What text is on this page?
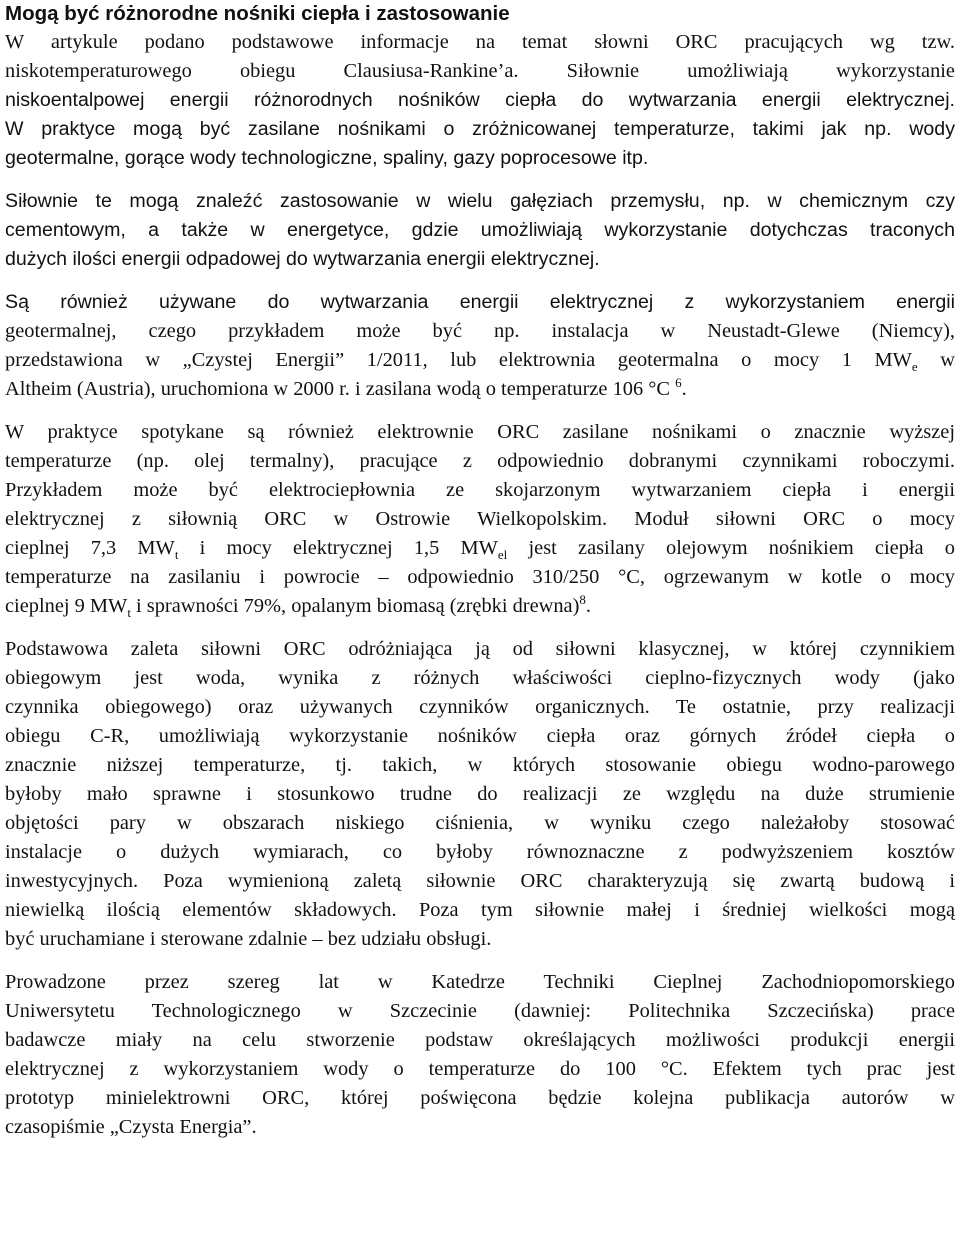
Mogą być różnorodne nośniki ciepła i zastosowanie

W artykule podano podstawowe informacje na temat słowni ORC pracujących wg tzw.
niskotemperaturowego obiegu Clausiusa-Rankine’a. Siłownie umożliwiają wykorzystanie
niskoentalpowej energii różnorodnych nośników ciepła do wytwarzania energii elektrycznej.
W praktyce mogą być zasilane nośnikami o zróżnicowanej temperaturze, takimi jak np. wody
geotermalne, gorące wody technologiczne, spaliny, gazy poprocesowe itp.

Siłownie te mogą znaleźć zastosowanie w wielu gałęziach przemysłu, np. w chemicznym czy
cementowym, a także w energetyce, gdzie umożliwiają wykorzystanie dotychczas traconych
dużych ilości energii odpadowej do wytwarzania energii elektrycznej.

Są również używane do wytwarzania energii elektrycznej z wykorzystaniem energii
geotermalnej, czego przykładem może być np. instalacja w Neustadt-Glewe (Niemcy),
przedstawiona w „Czystej Energii” 1/2011, lub elektrownia geotermalna o mocy 1 $MW_e$ w
Altheim (Austria), uruchomiona w 2000 r. i zasilana wodą o temperaturze 106 °C $^6$.

W praktyce spotykane są również elektrownie ORC zasilane nośnikami o znacznie wyższej
temperaturze (np. olej termalny), pracujące z odpowiednio dobranymi czynnikami roboczymi.
Przykładem może być elektrociepłownia ze skojarzonym wytwarzaniem ciepła i energii
elektrycznej z siłownią ORC w Ostrowie Wielkopolskim. Moduł siłowni ORC o mocy
cieplnej 7,3 $MW_t$ i mocy elektrycznej 1,5 $MW_{el}$ jest zasilany olejowym nośnikiem ciepła o
temperaturze na zasilaniu i powrocie – odpowiednio 310/250 °C, ogrzewanym w kotle o mocy
cieplnej 9 $MW_t$ i sprawności 79%, opalanym biomasą (zrębki drewna)$^8$.

Podstawowa zaleta siłowni ORC odróżniająca ją od siłowni klasycznej, w której czynnikiem
obiegowym jest woda, wynika z różnych właściwości cieplno-fizycznych wody (jako
czynnika obiegowego) oraz używanych czynników organicznych. Te ostatnie, przy realizacji
obiegu C-R, umożliwiają wykorzystanie nośników ciepła oraz górnych źródeł ciepła o
znacznie niższej temperaturze, tj. takich, w których stosowanie obiegu wodno-parowego
byłoby mało sprawne i stosunkowo trudne do realizacji ze względu na duże strumienie
objętości pary w obszarach niskiego ciśnienia, w wyniku czego należałoby stosować
instalacje o dużych wymiarach, co byłoby równoznaczne z podwyższeniem kosztów
inwestycyjnych. Poza wymienioną zaletą siłownie ORC charakteryzują się zwartą budową i
niewielką ilością elementów składowych. Poza tym siłownie małej i średniej wielkości mogą
być uruchamiane i sterowane zdalnie – bez udziału obsługi.

Prowadzone przez szereg lat w Katedrze Techniki Cieplnej Zachodniopomorskiego
Uniwersytetu Technologicznego w Szczecinie (dawniej: Politechnika Szczecińska) prace
badawcze miały na celu stworzenie podstaw określających możliwości produkcji energii
elektrycznej z wykorzystaniem wody o temperaturze do 100 °C. Efektem tych prac jest
prototyp minielektrowni ORC, której poświęcona będzie kolejna publikacja autorów w
czasopiśmie „Czysta Energia”.
